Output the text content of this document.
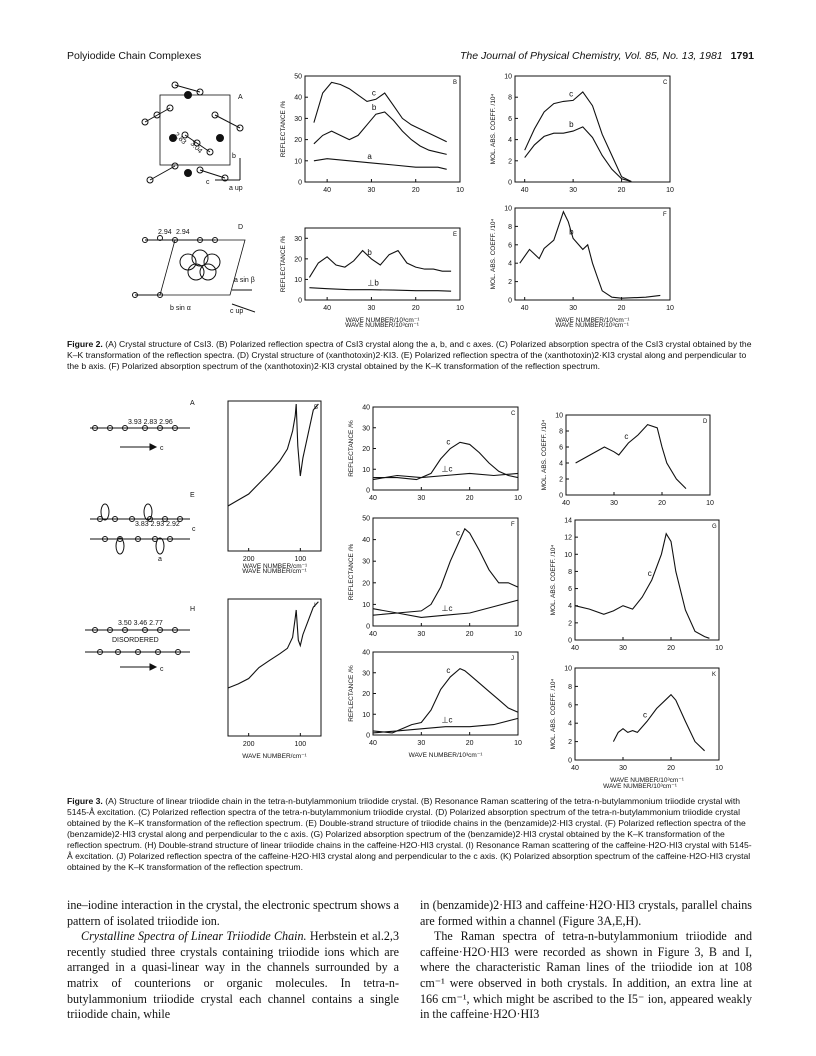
Polyiodide Chain Complexes	The Journal of Physical Chemistry, Vol. 85, No. 13, 1981 1791
A
2.83
3.04
b
c
a up
D
2.94 2.94
a sin β
b sin α	c up
A
3.93 2.83 2.96
c
E
3.83 2.93 2.92
c
a
H
3.50 3.46 2.77
DISORDERED
c
40	30	20	10
0
10
20
30
40
50
REFLECTANCE /%
B
c
b
a
40	30	20	10
0
2
4
6
8
10
MOL. ABS. COEFF. /10⁴
C
c
b
40	30	20	10
0
10
20
30
REFLECTANCE /%
WAVE NUMBER/10³cm⁻¹
E
b
⊥b
40	30	20	10
0
2
4
6
8
10
MOL. ABS. COEFF. /10⁴
WAVE NUMBER/10³cm⁻¹
F
b
200	100
WAVE NUMBER/cm⁻¹
B
40	30	20	10
0
10
20
30
40
REFLECTANCE /%
C
c
⊥c
40	30	20	10
0
2
4
6
8
10
MOL. ABS. COEFF. /10⁴	D
c
40	30	20	10
0
10
20
30
40
50
REFLECTANCE /%
F
c
⊥c
40	30	20	10
0
2
4
6
8
10
12
14
MOL. ABS. COEFF. /10⁴
G
c
200	100
WAVE NUMBER/cm⁻¹
I
40	30	20	10
0
10
20
30
40
REFLECTANCE /%
WAVE NUMBER/10³cm⁻¹
J
c
⊥c
40	30	20	10
0
2
4
6
8
10
MOL. ABS. COEFF. /10⁴
WAVE NUMBER/10³cm⁻¹
K
c
WAVE NUMBER/10³cm⁻¹	WAVE NUMBER/10³cm⁻¹
WAVE NUMBER/cm⁻¹
WAVE NUMBER/10³cm⁻¹
Figure 2. (A) Crystal structure of CsI3. (B) Polarized reflection spectra of CsI3 crystal along the a, b, and c axes. (C) Polarized absorption spectra of the CsI3 crystal obtained by the K–K transformation of the reflection spectra. (D) Crystal structure of (xanthotoxin)2·KI3. (E) Polarized reflection spectra of the (xanthotoxin)2·KI3 crystal along and perpendicular to the b axis. (F) Polarized absorption spectrum of the (xanthotoxin)2·KI3 crystal obtained by the K–K transformation of the reflection spectrum.
Figure 3. (A) Structure of linear triiodide chain in the tetra-n-butylammonium triiodide crystal. (B) Resonance Raman scattering of the tetra-n-butylammonium triiodide crystal with 5145-Å excitation. (C) Polarized reflection spectra of the tetra-n-butylammonium triiodide crystal. (D) Polarized absorption spectrum of the tetra-n-butylammonium triiodide crystal obtained by the K–K transformation of the reflection spectrum. (E) Double-strand structure of triiodide chains in the (benzamide)2·HI3 crystal. (F) Polarized reflection spectra of the (benzamide)2·HI3 crystal along and perpendicular to the c axis. (G) Polarized absorption spectrum of the (benzamide)2·HI3 crystal obtained by the K–K transformation of the reflection spectrum. (H) Double-strand structure of linear triiodide chains in the caffeine·H2O·HI3 crystal. (I) Resonance Raman scattering of the caffeine·H2O·HI3 crystal with 5145-Å excitation. (J) Polarized reflection spectra of the caffeine·H2O·HI3 crystal along and perpendicular to the c axis. (K) Polarized absorption spectrum of the caffeine·H2O·HI3 crystal obtained by the K–K transformation of the reflection spectrum.

ine–iodine interaction in the crystal, the electronic spectrum shows a pattern of isolated triiodide ion.

Crystalline Spectra of Linear Triiodide Chain. Herbstein et al.2,3 recently studied three crystals containing triiodide ions which are arranged in a quasi-linear way in the channels surrounded by a matrix of counterions or organic molecules. In tetra-n-butylammonium triiodide crystal each channel contains a single triiodide chain, while

in (benzamide)2·HI3 and caffeine·H2O·HI3 crystals, parallel chains are formed within a channel (Figure 3A,E,H).

The Raman spectra of tetra-n-butylammonium triiodide and caffeine·H2O·HI3 were recorded as shown in Figure 3, B and I, where the characteristic Raman lines of the triiodide ion at 108 cm⁻¹ were observed in both crystals. In addition, an extra line at 166 cm⁻¹, which might be ascribed to the I5⁻ ion, appeared weakly in the caffeine·H2O·HI3
